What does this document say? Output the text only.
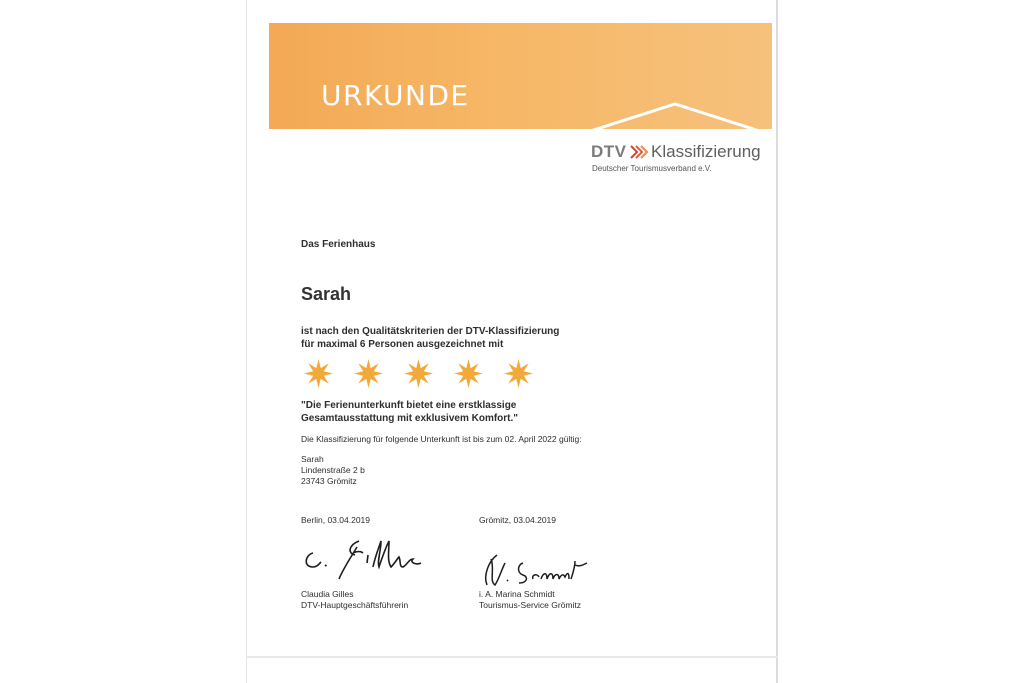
URKUNDE
DTV Klassifizierung
Deutscher Tourismusverband e.V.
Das Ferienhaus
Sarah
ist nach den Qualitätskriterien der DTV-Klassifizierung
für maximal 6 Personen ausgezeichnet mit
"Die Ferienunterkunft bietet eine erstklassige
Gesamtausstattung mit exklusivem Komfort."
Die Klassifizierung für folgende Unterkunft ist bis zum 02. April 2022 gültig:
Sarah
Lindenstraße 2 b
23743 Grömitz
Berlin, 03.04.2019	Grömitz, 03.04.2019
Claudia Gilles
DTV-Hauptgeschäftsführerin
i. A. Marina Schmidt
Tourismus-Service Grömitz
